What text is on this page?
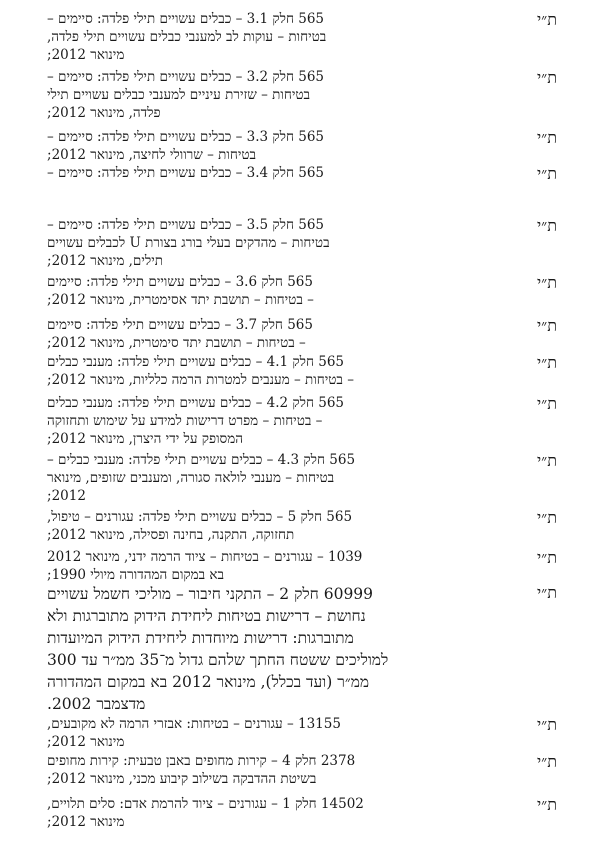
ת״י
565 חלק 3.1 – כבלים עשויים תילי פלדה: סיימים –
בטיחות – עוקות לב למענבי כבלים עשויים תילי פלדה,
מינואר 2012;
ת״י
565 חלק 3.2 – כבלים עשויים תילי פלדה: סיימים –
בטיחות – שזירת עיניים למענבי כבלים עשויים תילי
פלדה, מינואר 2012;
ת״י
565 חלק 3.3 – כבלים עשויים תילי פלדה: סיימים –
בטיחות – שרוולי לחיצה, מינואר 2012;
ת״י
565 חלק 3.4 – כבלים עשויים תילי פלדה: סיימים –
ת״י
565 חלק 3.5 – כבלים עשויים תילי פלדה: סיימים –
בטיחות – מהדקים בעלי בורג בצורת U לכבלים עשויים
תילים, מינואר 2012;
ת״י
565 חלק 3.6 – כבלים עשויים תילי פלדה: סיימים
– בטיחות – תושבת יתד אסימטרית, מינואר 2012;
ת״י
565 חלק 3.7 – כבלים עשויים תילי פלדה: סיימים
– בטיחות – תושבת יתד סימטרית, מינואר 2012;
ת״י
565 חלק 4.1 – כבלים עשויים תילי פלדה: מענבי כבלים
– בטיחות – מענבים למטרות הרמה כלליות, מינואר 2012;
ת״י
565 חלק 4.2 – כבלים עשויים תילי פלדה: מענבי כבלים
– בטיחות – מפרט דרישות למידע על שימוש ותחזוקה
המסופק על ידי היצרן, מינואר 2012;
ת״י
565 חלק 4.3 – כבלים עשויים תילי פלדה: מענבי כבלים –
בטיחות – מענבי לולאה סגורה, ומענבים שזופים, מינואר
2012;
ת״י
565 חלק 5 – כבלים עשויים תילי פלדה: עגורנים – טיפול,
תחזוקה, התקנה, בחינה ופסילה, מינואר 2012;
ת״י
1039 – עגורנים – בטיחות – ציוד הרמה ידני, מינואר 2012
בא במקום המהדורה מיולי 1990;
ת״י
60999 חלק 2 – התקני חיבור – מוליכי חשמל עשויים
נחושת – דרישות בטיחות ליחידת הידוק מתוברגות ולא
מתוברגות: דרישות מיוחדות ליחידת הידוק המיועדות
למוליכים ששטח החתך שלהם גדול מ־35 ממ״ר עד 300
ממ״ר (ועד בכלל), מינואר 2012 בא במקום המהדורה
מדצמבר 2002.
ת״י
13155 – עגורנים – בטיחות: אבזרי הרמה לא מקובעים,
מינואר 2012;
ת״י
2378 חלק 4 – קירות מחופים באבן טבעית: קירות מחופים
בשיטת ההדבקה בשילוב קיבוע מכני, מינואר 2012;
ת״י
14502 חלק 1 – עגורנים – ציוד להרמת אדם: סלים תלויים,
מינואר 2012;
